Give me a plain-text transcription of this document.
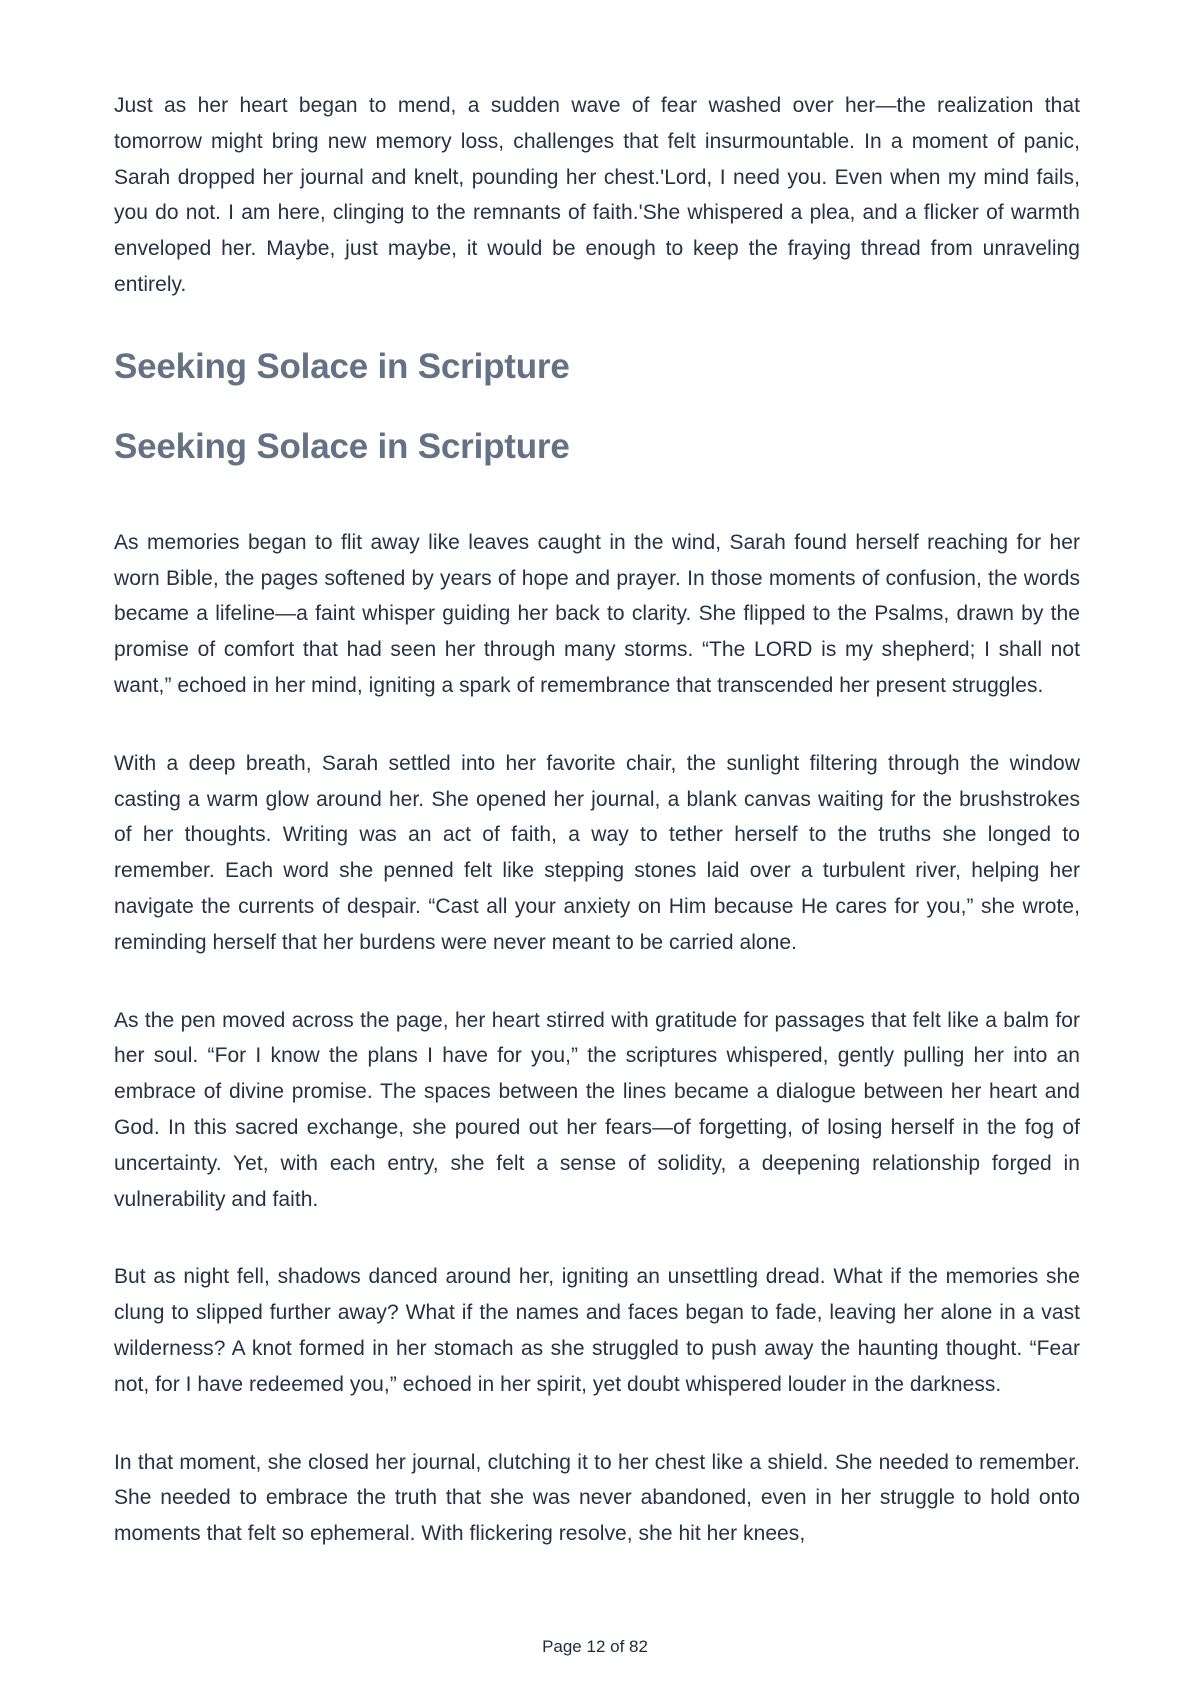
Just as her heart began to mend, a sudden wave of fear washed over her—the realization that tomorrow might bring new memory loss, challenges that felt insurmountable. In a moment of panic, Sarah dropped her journal and knelt, pounding her chest.'Lord, I need you. Even when my mind fails, you do not. I am here, clinging to the remnants of faith.'She whispered a plea, and a flicker of warmth enveloped her. Maybe, just maybe, it would be enough to keep the fraying thread from unraveling entirely.

Seeking Solace in Scripture
Seeking Solace in Scripture

As memories began to flit away like leaves caught in the wind, Sarah found herself reaching for her worn Bible, the pages softened by years of hope and prayer. In those moments of confusion, the words became a lifeline—a faint whisper guiding her back to clarity. She flipped to the Psalms, drawn by the promise of comfort that had seen her through many storms. “The LORD is my shepherd; I shall not want,” echoed in her mind, igniting a spark of remembrance that transcended her present struggles.

With a deep breath, Sarah settled into her favorite chair, the sunlight filtering through the window casting a warm glow around her. She opened her journal, a blank canvas waiting for the brushstrokes of her thoughts. Writing was an act of faith, a way to tether herself to the truths she longed to remember. Each word she penned felt like stepping stones laid over a turbulent river, helping her navigate the currents of despair. “Cast all your anxiety on Him because He cares for you,” she wrote, reminding herself that her burdens were never meant to be carried alone.

As the pen moved across the page, her heart stirred with gratitude for passages that felt like a balm for her soul. “For I know the plans I have for you,” the scriptures whispered, gently pulling her into an embrace of divine promise. The spaces between the lines became a dialogue between her heart and God. In this sacred exchange, she poured out her fears—of forgetting, of losing herself in the fog of uncertainty. Yet, with each entry, she felt a sense of solidity, a deepening relationship forged in vulnerability and faith.

But as night fell, shadows danced around her, igniting an unsettling dread. What if the memories she clung to slipped further away? What if the names and faces began to fade, leaving her alone in a vast wilderness? A knot formed in her stomach as she struggled to push away the haunting thought. “Fear not, for I have redeemed you,” echoed in her spirit, yet doubt whispered louder in the darkness.

In that moment, she closed her journal, clutching it to her chest like a shield. She needed to remember. She needed to embrace the truth that she was never abandoned, even in her struggle to hold onto moments that felt so ephemeral. With flickering resolve, she hit her knees,

Page 12 of 82
